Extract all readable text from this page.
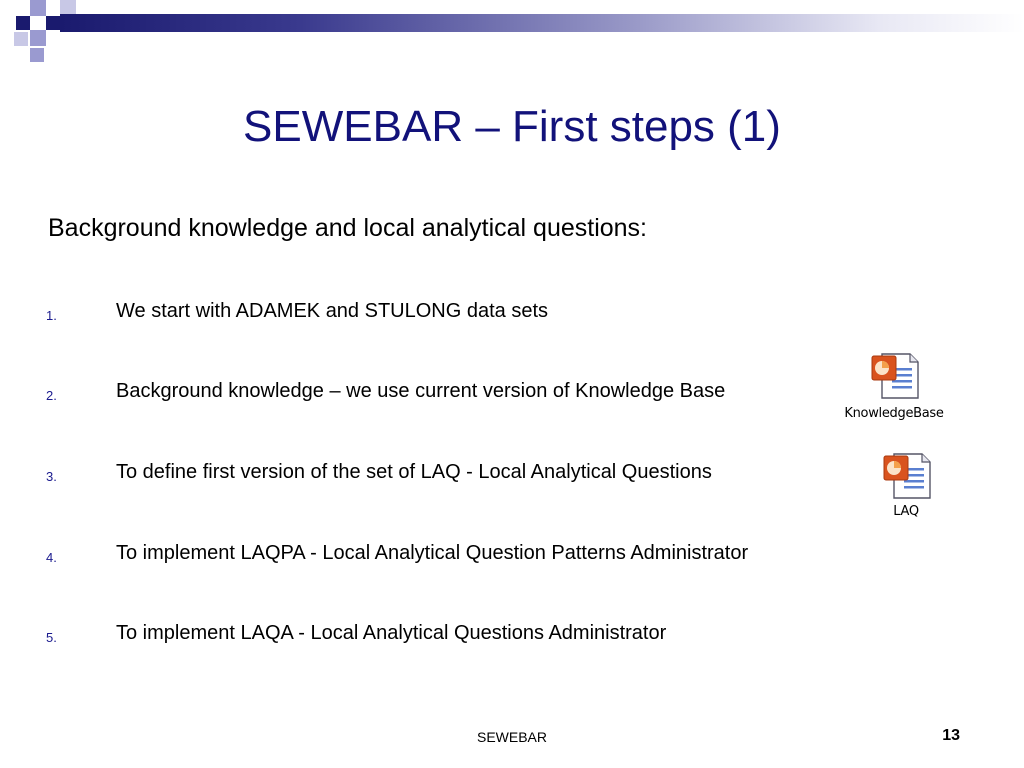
SEWEBAR – First steps (1)
Background knowledge and local analytical questions:
1.	We start with ADAMEK and STULONG data sets
2.	Background knowledge – we use current version of Knowledge Base
3.	To define first version of the set of LAQ - Local Analytical Questions
4.	To implement LAQPA - Local Analytical Question Patterns Administrator
5.	To implement LAQA - Local Analytical Questions Administrator
KnowledgeBase
LAQ
SEWEBAR	13
